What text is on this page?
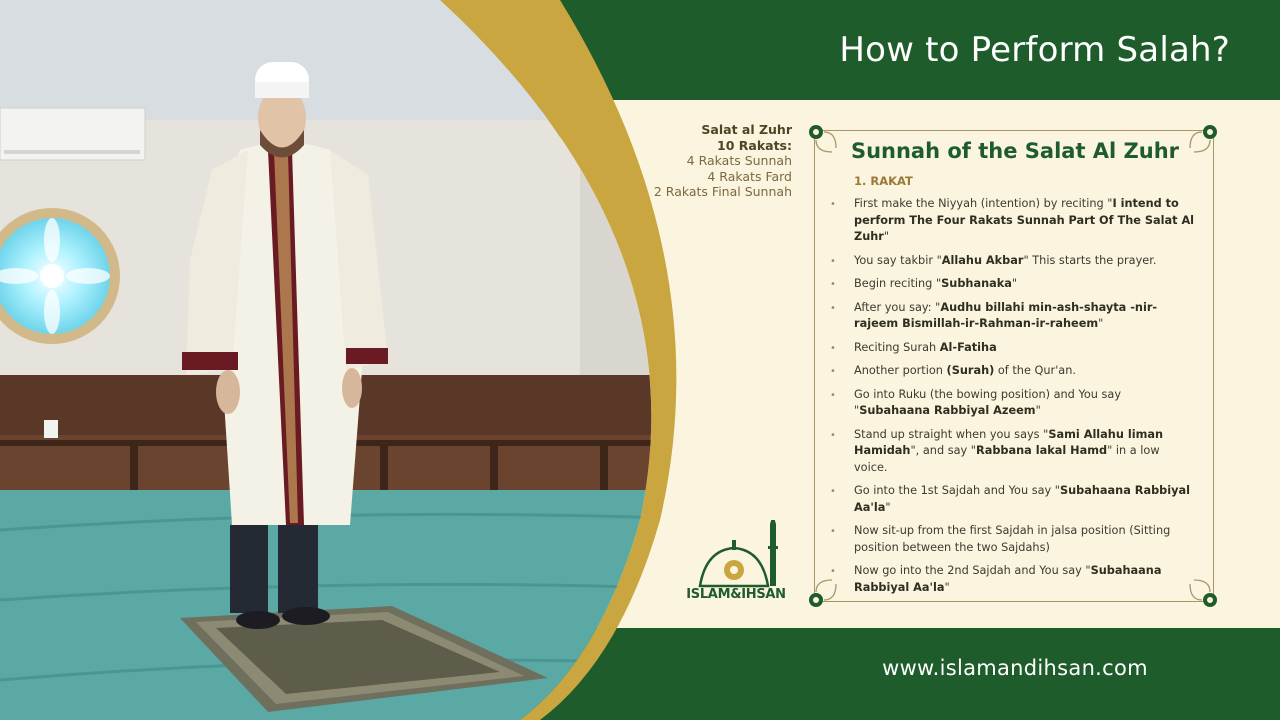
How to Perform Salah?
Salat al Zuhr
10 Rakats:
4 Rakats Sunnah
4 Rakats Fard
2 Rakats Final Sunnah
Sunnah of the Salat Al Zuhr
1. RAKAT
• First make the Niyyah (intention) by reciting "I intend to perform The Four Rakats Sunnah Part Of The Salat Al Zuhr"
• You say takbir "Allahu Akbar" This starts the prayer.
• Begin reciting "Subhanaka"
• After you say: "Audhu billahi min-ash-shayta -nir-rajeem Bismillah-ir-Rahman-ir-raheem"
• Reciting Surah Al-Fatiha
• Another portion (Surah) of the Qur'an.
• Go into Ruku (the bowing position) and You say "Subahaana Rabbiyal Azeem"
• Stand up straight when you says "Sami Allahu liman Hamidah", and say "Rabbana lakal Hamd" in a low voice.
• Go into the 1st Sajdah and You say "Subahaana Rabbiyal Aa'la"
• Now sit-up from the first Sajdah in jalsa position (Sitting position between the two Sajdahs)
• Now go into the 2nd Sajdah and You say "Subahaana Rabbiyal Aa'la"
ISLAM&IHSAN
www.islamandihsan.com
